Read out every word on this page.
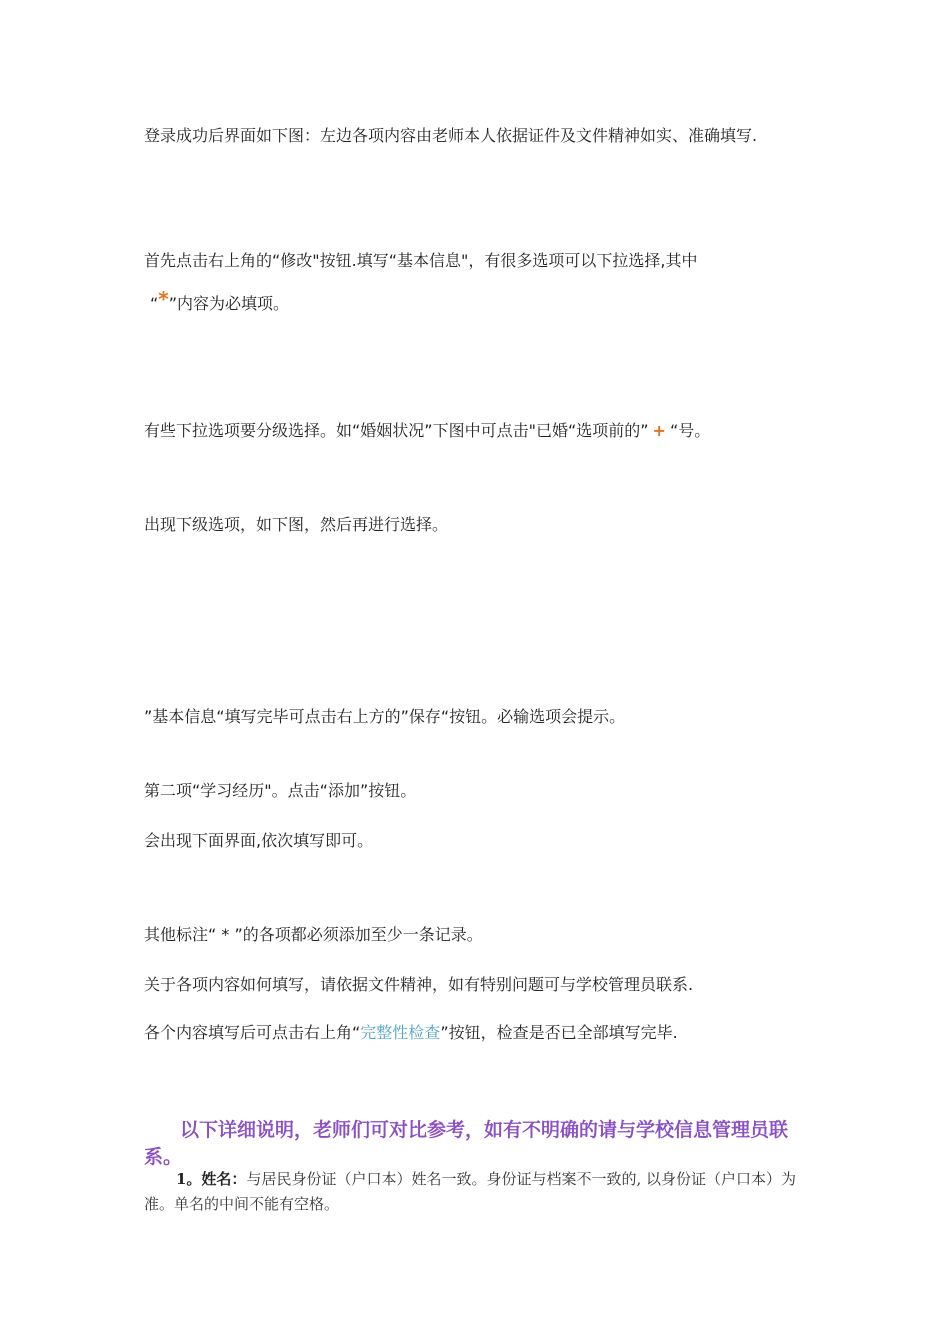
登录成功后界面如下图：左边各项内容由老师本人依据证件及文件精神如实、准确填写.

首先点击右上角的“修改"按钮.填写“基本信息"，有很多选项可以下拉选择,其中

“*”内容为必填项。

有些下拉选项要分级选择。如“婚姻状况”下图中可点击"已婚“选项前的” + “号。

出现下级选项，如下图，然后再进行选择。

”基本信息“填写完毕可点击右上方的”保存“按钮。必输选项会提示。

第二项“学习经历"。点击“添加”按钮。

会出现下面界面,依次填写即可。

其他标注“ * ”的各项都必须添加至少一条记录。

关于各项内容如何填写，请依据文件精神，如有特别问题可与学校管理员联系.

各个内容填写后可点击右上角“完整性检查”按钮，检查是否已全部填写完毕.

以下详细说明，老师们可对比参考，如有不明确的请与学校信息管理员联系。

1。姓名：与居民身份证（户口本）姓名一致。身份证与档案不一致的, 以身份证（户口本）为准。单名的中间不能有空格。
